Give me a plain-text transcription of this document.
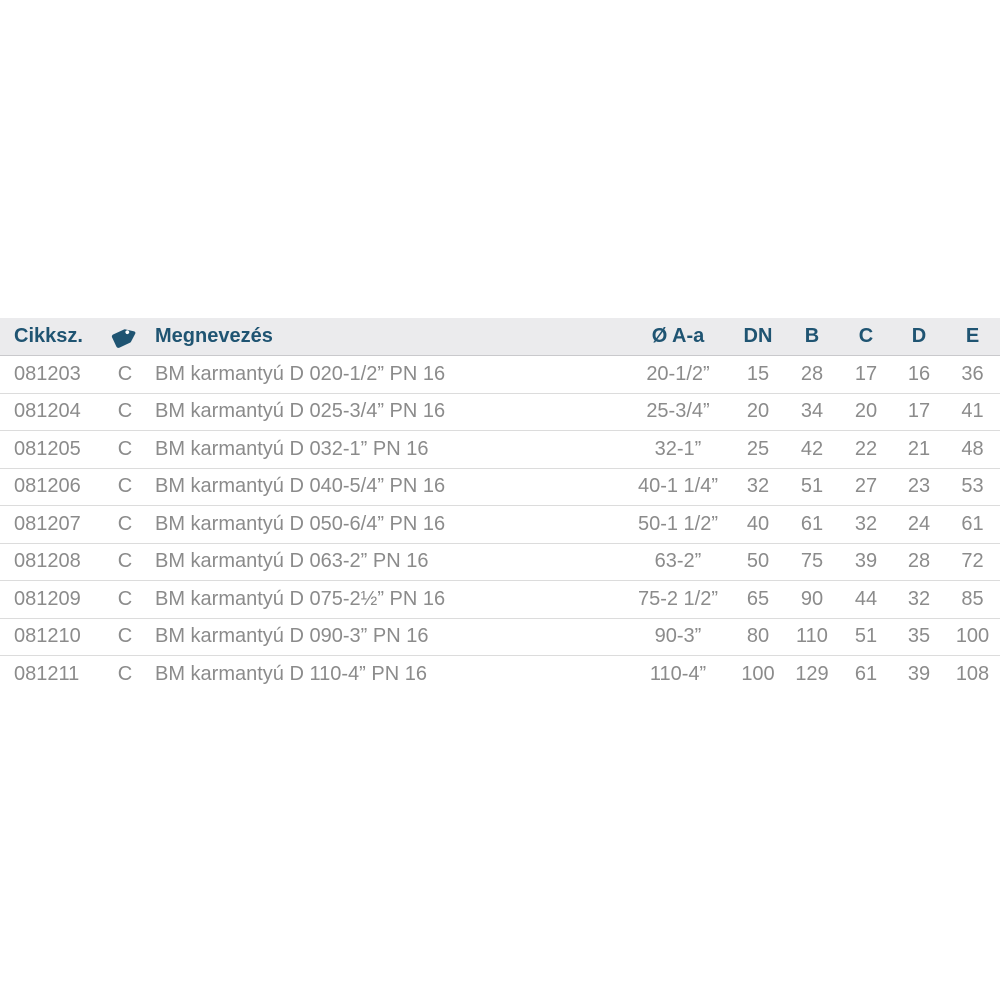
Cikksz.		Megnevezés	Ø A-a	DN	B	C	D	E
081203	C	BM karmantyú D 020-1/2” PN 16	20-1/2”	15	28	17	16	36
081204	C	BM karmantyú D 025-3/4” PN 16	25-3/4”	20	34	20	17	41
081205	C	BM karmantyú D 032-1” PN 16	32-1”	25	42	22	21	48
081206	C	BM karmantyú D 040-5/4” PN 16	40-1 1/4”	32	51	27	23	53
081207	C	BM karmantyú D 050-6/4” PN 16	50-1 1/2”	40	61	32	24	61
081208	C	BM karmantyú D 063-2” PN 16	63-2”	50	75	39	28	72
081209	C	BM karmantyú D 075-2½” PN 16	75-2 1/2”	65	90	44	32	85
081210	C	BM karmantyú D 090-3” PN 16	90-3”	80	110	51	35	100
081211	C	BM karmantyú D 110-4” PN 16	110-4”	100	129	61	39	108
